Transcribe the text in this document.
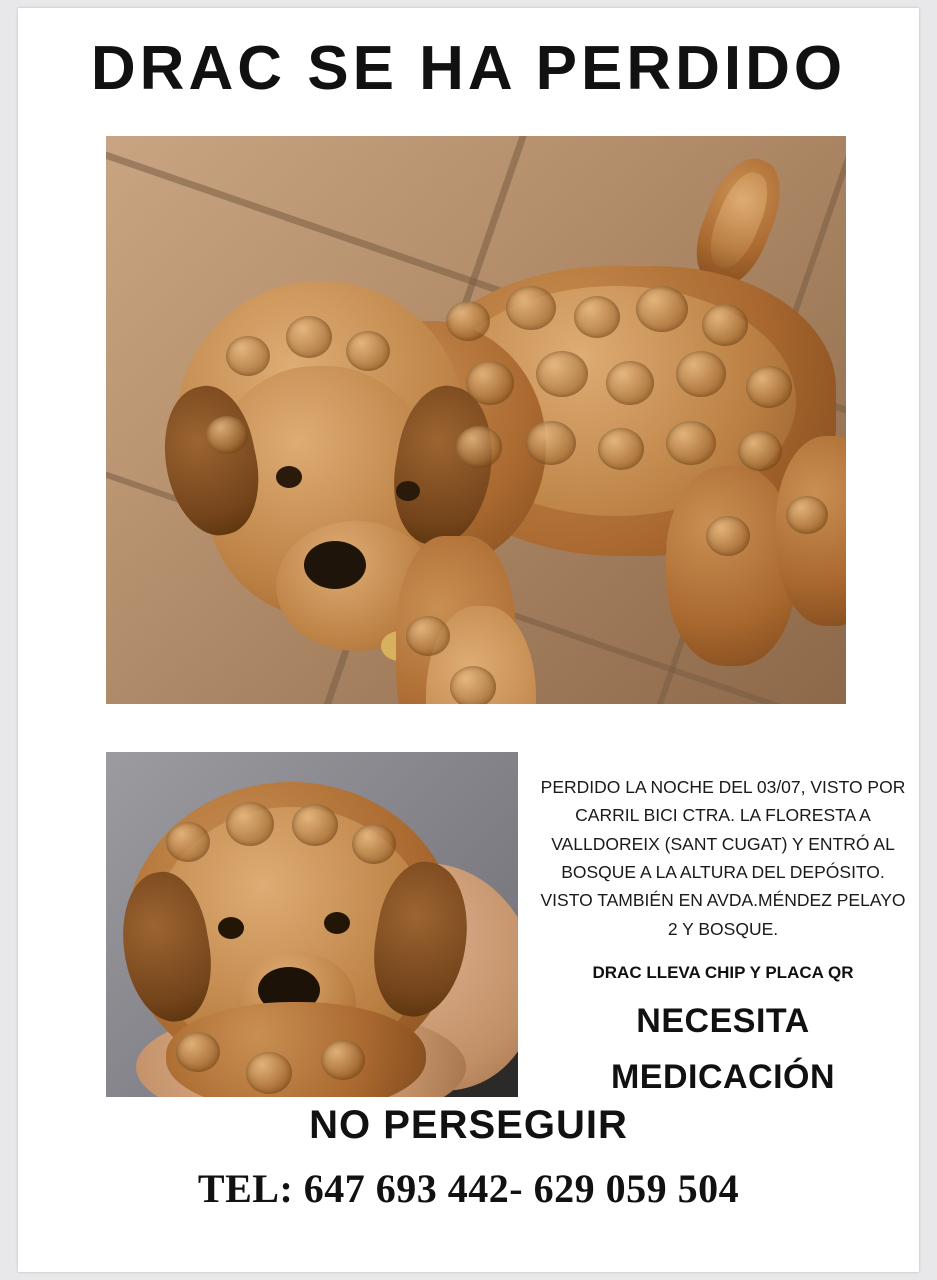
DRAC SE HA PERDIDO
PERDIDO LA NOCHE DEL 03/07, VISTO POR CARRIL BICI CTRA. LA FLORESTA A VALLDOREIX (SANT CUGAT) Y ENTRÓ AL BOSQUE A LA ALTURA DEL DEPÓSITO. VISTO TAMBIÉN EN AVDA.MÉNDEZ PELAYO 2 Y BOSQUE.
DRAC LLEVA CHIP Y PLACA QR
NECESITA
MEDICACIÓN
NO PERSEGUIR
TEL: 647 693 442- 629 059 504
